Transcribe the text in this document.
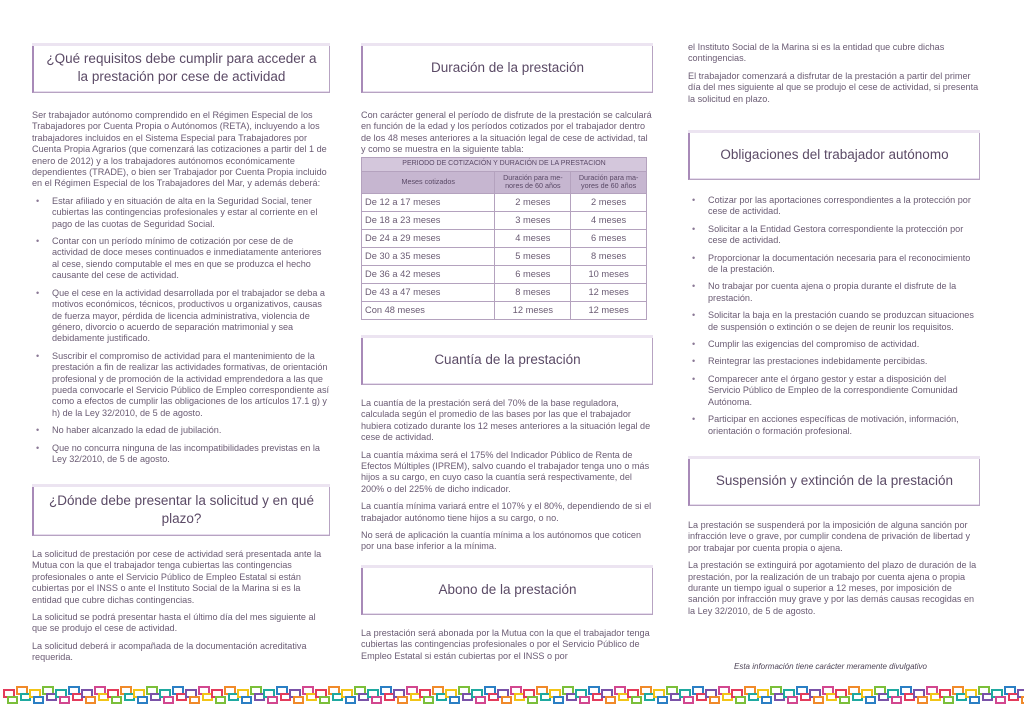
¿Qué requisitos debe cumplir para acceder a la prestación por cese de actividad

Ser trabajador autónomo comprendido en el Régimen Especial de los Trabajadores por Cuenta Propia o Autónomos (RETA), incluyendo a los trabajadores incluidos en el Sistema Especial para Trabajadores por Cuenta Propia Agrarios (que comenzará las cotizaciones a partir del 1 de enero de 2012) y a los trabajadores autónomos económicamente dependientes (TRADE), o bien ser Trabajador por Cuenta Propia incluido en el Régimen Especial de los Trabajadores del Mar, y además deberá:

• Estar afiliado y en situación de alta en la Seguridad Social, tener cubiertas las contingencias profesionales y estar al corriente en el pago de las cuotas de Seguridad Social.
• Contar con un período mínimo de cotización por cese de de actividad de doce meses continuados e inmediatamente anteriores al cese, siendo computable el mes en que se produzca el hecho causante del cese de actividad.
• Que el cese en la actividad desarrollada por el trabajador se deba a motivos económicos, técnicos, productivos u organizativos, causas de fuerza mayor, pérdida de licencia administrativa, violencia de género, divorcio o acuerdo de separación matrimonial y sea debidamente justificado.
• Suscribir el compromiso de actividad para el mantenimiento de la prestación a fin de realizar las actividades formativas, de orientación profesional y de promoción de la actividad emprendedora a las que pueda convocarle el Servicio Público de Empleo correspondiente así como a efectos de cumplir las obligaciones de los artículos 17.1 g) y h) de la Ley 32/2010, de 5 de agosto.
• No haber alcanzado la edad de jubilación.
• Que no concurra ninguna de las incompatibilidades previstas en la Ley 32/2010, de 5 de agosto.
¿Dónde debe presentar la solicitud y en qué plazo?

La solicitud de prestación por cese de actividad será presentada ante la Mutua con la que el trabajador tenga cubiertas las contingencias profesionales o ante el Servicio Público de Empleo Estatal si están cubiertas por el INSS o ante el Instituto Social de la Marina si es la entidad que cubre dichas contingencias.

La solicitud se podrá presentar hasta el último día del mes siguiente al que se produjo el cese de actividad.

La solicitud deberá ir acompañada de la documentación acreditativa requerida.

Duración de la prestación
Con carácter general el período de disfrute de la prestación se calculará en función de la edad y los períodos cotizados por el trabajador dentro de los 48 meses anteriores a la situación legal de cese de actividad, tal y como se muestra en la siguiente tabla:
PERIODO DE COTIZACIÓN Y DURACIÓN DE LA PRESTACION		
Meses cotizados	Duración para me-nores de 60 años	Duración para ma-yores de 60 años
De 12 a 17 meses	2 meses	2 meses
De 18 a 23 meses	3 meses	4 meses
De 24 a 29 meses	4 meses	6 meses
De 30 a 35 meses	5 meses	8 meses
De 36 a 42 meses	6 meses	10 meses
De 43 a 47 meses	8 meses	12 meses
Con 48 meses	12 meses	12 meses
Cuantía de la prestación

La cuantía de la prestación será del 70% de la base reguladora, calculada según el promedio de las bases por las que el trabajador hubiera cotizado durante los 12 meses anteriores a la situación legal de cese de actividad.

La cuantía máxima será el 175% del Indicador Público de Renta de Efectos Múltiples (IPREM), salvo cuando el trabajador tenga uno o más hijos a su cargo, en cuyo caso la cuantía será respectivamente, del 200% o del 225% de dicho indicador.

La cuantía mínima variará entre el 107% y el 80%, dependiendo de si el trabajador autónomo tiene hijos a su cargo, o no.

No será de aplicación la cuantía mínima a los autónomos que coticen por una base inferior a la mínima.

Abono de la prestación
La prestación será abonada por la Mutua con la que el trabajador tenga cubiertas las contingencias profesionales o por el Servicio Público de Empleo Estatal si están cubiertas por el INSS o por

el Instituto Social de la Marina si es la entidad que cubre dichas contingencias.

El trabajador comenzará a disfrutar de la prestación a partir del primer día del mes siguiente al que se produjo el cese de actividad, si presenta la solicitud en plazo.

Obligaciones del trabajador autónomo
• Cotizar por las aportaciones correspondientes a la protección por cese de actividad.
• Solicitar a la Entidad Gestora correspondiente la protección por cese de actividad.
• Proporcionar la documentación necesaria para el reconocimiento de la prestación.
• No trabajar por cuenta ajena o propia durante el disfrute de la prestación.
• Solicitar la baja en la prestación cuando se produzcan situaciones de suspensión o extinción o se dejen de reunir los requisitos.
• Cumplir las exigencias del compromiso de actividad.
• Reintegrar las prestaciones indebidamente percibidas.
• Comparecer ante el órgano gestor y estar a disposición del Servicio Público de Empleo de la correspondiente Comunidad Autónoma.
• Participar en acciones específicas de motivación, información, orientación o formación profesional.
Suspensión y extinción de la prestación

La prestación se suspenderá por la imposición de alguna sanción por infracción leve o grave, por cumplir condena de privación de libertad y por trabajar por cuenta propia o ajena.

La prestación se extinguirá por agotamiento del plazo de duración de la prestación, por la realización de un trabajo por cuenta ajena o propia durante un tiempo igual o superior a 12 meses, por imposición de sanción por infracción muy grave y por las demás causas recogidas en la Ley 32/2010, de 5 de agosto.

Esta información tiene carácter meramente divulgativo
